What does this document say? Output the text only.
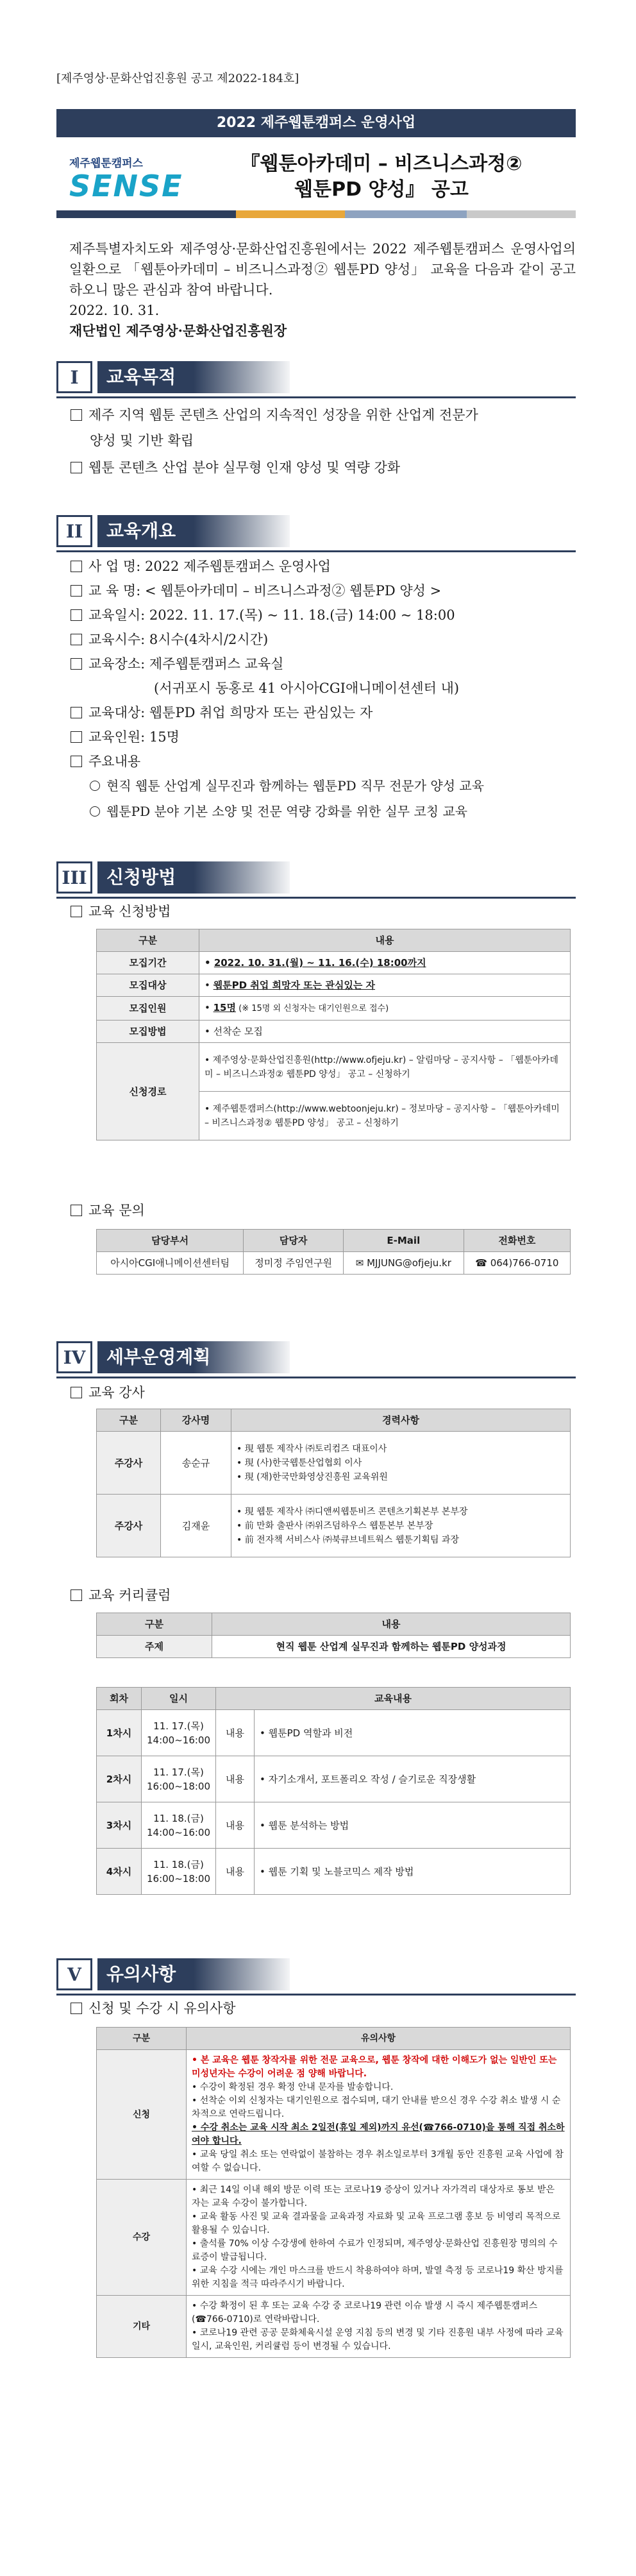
[제주영상·문화산업진흥원 공고 제2022-184호]
2022 제주웹툰캠퍼스 운영사업
제주웹툰캠퍼스
SENSE
『웹툰아카데미 – 비즈니스과정②
웹툰PD 양성』 공고

제주특별자치도와 제주영상·문화산업진흥원에서는 2022 제주웹툰캠퍼스 운영사업의 일환으로 「웹툰아카데미 – 비즈니스과정② 웹툰PD 양성」 교육을 다음과 같이 공고하오니 많은 관심과 참여 바랍니다.

2022. 10. 31.

재단법인 제주영상·문화산업진흥원장

I	교육목적
제주 지역 웹툰 콘텐츠 산업의 지속적인 성장을 위한 산업계 전문가
양성 및 기반 확립
웹툰 콘텐츠 산업 분야 실무형 인재 양성 및 역량 강화
II	교육개요
사 업 명: 2022 제주웹툰캠퍼스 운영사업
교 육 명: < 웹툰아카데미 – 비즈니스과정② 웹툰PD 양성 >
교육일시: 2022. 11. 17.(목) ~ 11. 18.(금) 14:00 ~ 18:00
교육시수: 8시수(4차시/2시간)
교육장소: 제주웹툰캠퍼스 교육실
(서귀포시 동홍로 41 아시아CGI애니메이션센터 내)
교육대상: 웹툰PD 취업 희망자 또는 관심있는 자
교육인원: 15명
주요내용
현직 웹툰 산업계 실무진과 함께하는 웹툰PD 직무 전문가 양성 교육
웹툰PD 분야 기본 소양 및 전문 역량 강화를 위한 실무 코칭 교육
III	신청방법
교육 신청방법
구분	내용
모집기간	• 2022. 10. 31.(월) ~ 11. 16.(수) 18:00까지
모집대상	• 웹툰PD 취업 희망자 또는 관심있는 자
모집인원	• 15명 (※ 15명 외 신청자는 대기인원으로 접수)
모집방법	• 선착순 모집
신청경로	• 제주영상·문화산업진흥원(http://www.ofjeju.kr) – 알림마당 – 공지사항 – 「웹툰아카데미 – 비즈니스과정② 웹툰PD 양성」 공고 – 신청하기
	• 제주웹툰캠퍼스(http://www.webtoonjeju.kr) – 정보마당 – 공지사항 – 「웹툰아카데미 – 비즈니스과정② 웹툰PD 양성」 공고 – 신청하기
교육 문의
담당부서	담당자	E-Mail	전화번호
아시아CGI애니메이션센터팀	정미정 주임연구원	✉ MJJUNG@ofjeju.kr	☎ 064)766-0710
IV	세부운영계획
교육 강사
구분	강사명	경력사항
주강사	송순규	• 現 웹툰 제작사 ㈜토리컴즈 대표이사
• 現 (사)한국웹툰산업협회 이사
• 現 (재)한국만화영상진흥원 교육위원

주강사	김재윤	• 現 웹툰 제작사 ㈜디앤씨웹툰비즈 콘텐츠기획본부 본부장
• 前 만화 출판사 ㈜위즈덤하우스 웹툰본부 본부장
• 前 전자책 서비스사 ㈜북큐브네트웍스 웹툰기획팀 과장
교육 커리큘럼
구분	내용
주제	현직 웹툰 산업계 실무진과 함께하는 웹툰PD 양성과정
회차	일시	교육내용	
1차시	11. 17.(목)
14:00~16:00	내용	• 웹툰PD 역할과 비전
2차시	11. 17.(목)
16:00~18:00	내용	• 자기소개서, 포트폴리오 작성 / 슬기로운 직장생활
3차시	11. 18.(금)
14:00~16:00	내용	• 웹툰 분석하는 방법
4차시	11. 18.(금)
16:00~18:00	내용	• 웹툰 기획 및 노블코믹스 제작 방법
V	유의사항
신청 및 수강 시 유의사항
구분	유의사항
신청	• 본 교육은 웹툰 창작자를 위한 전문 교육으로, 웹툰 창작에 대한 이해도가 없는 일반인 또는 미성년자는 수강이 어려운 점 양해 바랍니다.
• 수강이 확정된 경우 확정 안내 문자를 발송합니다.
• 선착순 이외 신청자는 대기인원으로 접수되며, 대기 안내를 받으신 경우 수강 취소 발생 시 순차적으로 연락드립니다.
• 수강 취소는 교육 시작 최소 2일전(휴일 제외)까지 유선(☎766-0710)을 통해 직접 취소하여야 합니다.
• 교육 당일 취소 또는 연락없이 불참하는 경우 취소일로부터 3개월 동안 진흥원 교육 사업에 참여할 수 없습니다.

수강	• 최근 14일 이내 해외 방문 이력 또는 코로나19 증상이 있거나 자가격리 대상자로 통보 받은 자는 교육 수강이 불가합니다.
• 교육 활동 사진 및 교육 결과물을 교육과정 자료화 및 교육 프로그램 홍보 등 비영리 목적으로 활용될 수 있습니다.
• 출석률 70% 이상 수강생에 한하여 수료가 인정되며, 제주영상·문화산업 진흥원장 명의의 수료증이 발급됩니다.
• 교육 수강 시에는 개인 마스크를 반드시 착용하여야 하며, 발열 측정 등 코로나19 확산 방지를 위한 지침을 적극 따라주시기 바랍니다.

기타	• 수강 확정이 된 후 또는 교육 수강 중 코로나19 관련 이슈 발생 시 즉시 제주웹툰캠퍼스(☎766-0710)로 연락바랍니다.
• 코로나19 관련 공공 문화체육시설 운영 지침 등의 변경 및 기타 진흥원 내부 사정에 따라 교육일시, 교육인원, 커리큘럼 등이 변경될 수 있습니다.
